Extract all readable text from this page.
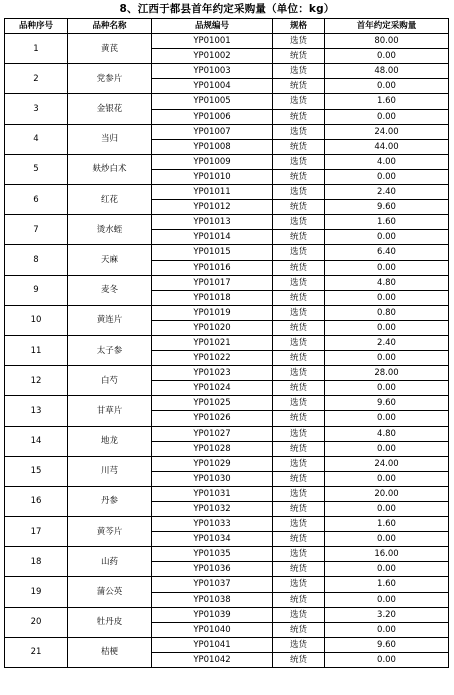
8、江西于都县首年约定采购量（单位：kg）
品种序号	品种名称	品规编号	规格	首年约定采购量
1	黄芪	YP01001	选货	80.00
		YP01002	统货	0.00
2	党参片	YP01003	选货	48.00
		YP01004	统货	0.00
3	金银花	YP01005	选货	1.60
		YP01006	统货	0.00
4	当归	YP01007	选货	24.00
		YP01008	统货	44.00
5	麸炒白术	YP01009	选货	4.00
		YP01010	统货	0.00
6	红花	YP01011	选货	2.40
		YP01012	统货	9.60
7	烫水蛭	YP01013	选货	1.60
		YP01014	统货	0.00
8	天麻	YP01015	选货	6.40
		YP01016	统货	0.00
9	麦冬	YP01017	选货	4.80
		YP01018	统货	0.00
10	黄连片	YP01019	选货	0.80
		YP01020	统货	0.00
11	太子参	YP01021	选货	2.40
		YP01022	统货	0.00
12	白芍	YP01023	选货	28.00
		YP01024	统货	0.00
13	甘草片	YP01025	选货	9.60
		YP01026	统货	0.00
14	地龙	YP01027	选货	4.80
		YP01028	统货	0.00
15	川芎	YP01029	选货	24.00
		YP01030	统货	0.00
16	丹参	YP01031	选货	20.00
		YP01032	统货	0.00
17	黄芩片	YP01033	选货	1.60
		YP01034	统货	0.00
18	山药	YP01035	选货	16.00
		YP01036	统货	0.00
19	蒲公英	YP01037	选货	1.60
		YP01038	统货	0.00
20	牡丹皮	YP01039	选货	3.20
		YP01040	统货	0.00
21	桔梗	YP01041	选货	9.60
		YP01042	统货	0.00
